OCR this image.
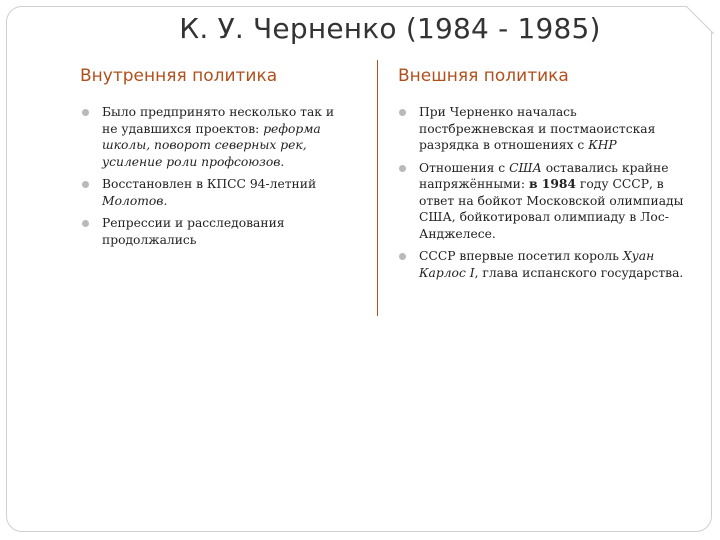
К. У. Черненко (1984 - 1985)
Внутренняя политика	Внешняя политика
Было предпринято несколько так и не удавшихся проектов: реформа школы, поворот северных рек, усиление роли профсоюзов.
Восстановлен в КПСС 94-летний Молотов.
Репрессии и расследования продолжались
При Черненко началась постбрежневская и постмаоистская разрядка в отношениях с КНР
Отношения с США оставались крайне напряжёнными: в 1984 году СССР, в ответ на бойкот Московской олимпиады США, бойкотировал олимпиаду в Лос-Анджелесе.
СССР впервые посетил король Хуан Карлос I, глава испанского государства.
